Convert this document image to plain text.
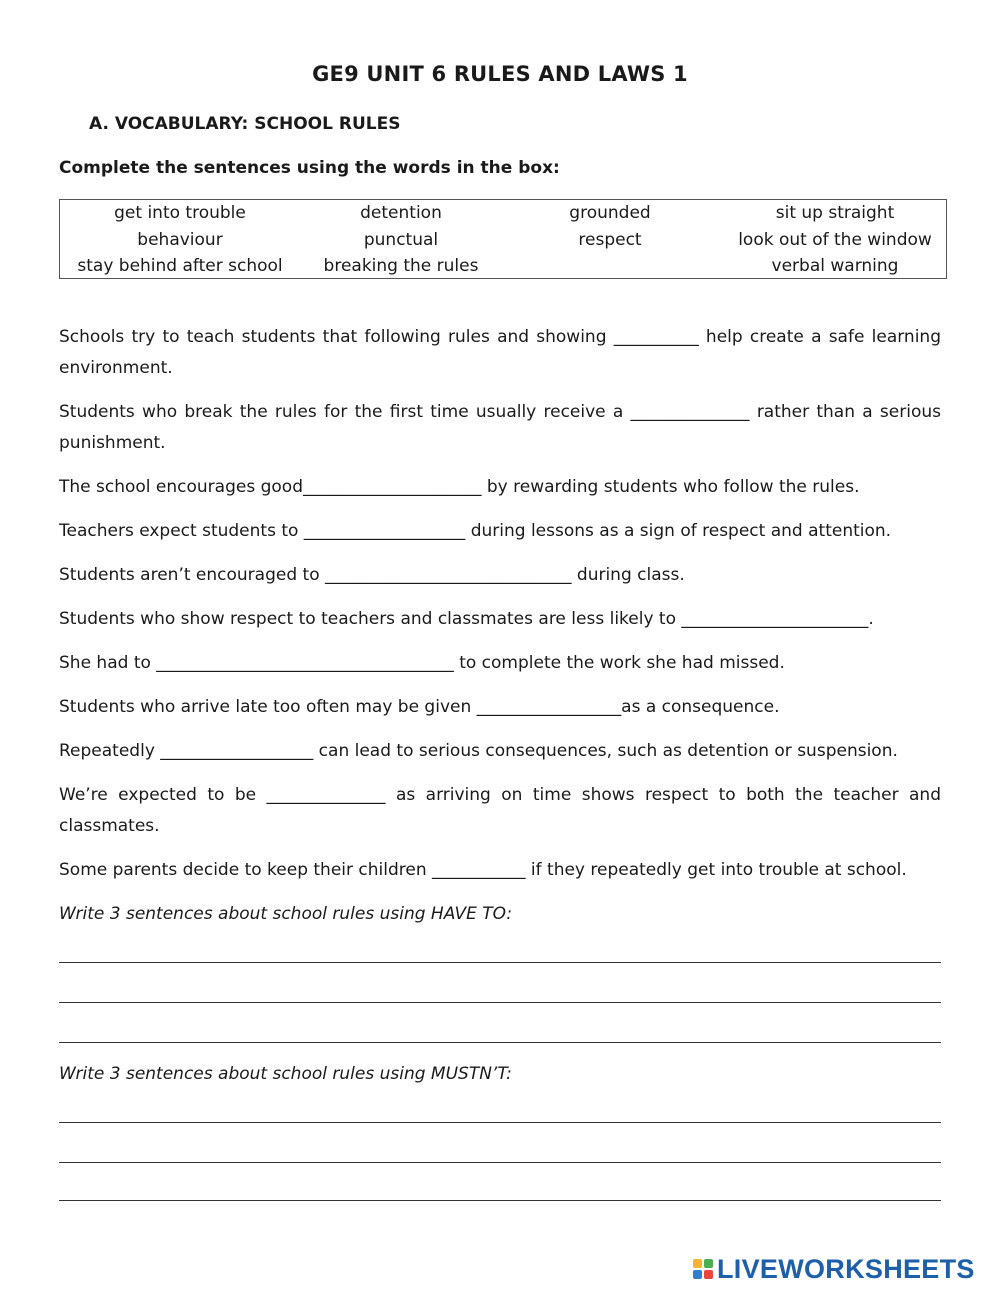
GE9 UNIT 6 RULES AND LAWS 1
A. VOCABULARY: SCHOOL RULES
Complete the sentences using the words in the box:
get into trouble
behaviour
stay behind after school
detention
punctual
breaking the rules
grounded
respect
sit up straight
look out of the window
verbal warning
Schools try to teach students that following rules and showing __________ help create a safe learning environment.
Students who break the rules for the first time usually receive a ______________ rather than a serious punishment.
The school encourages good_____________________ by rewarding students who follow the rules.
Teachers expect students to ___________________ during lessons as a sign of respect and attention.
Students aren’t encouraged to _____________________________ during class.
Students who show respect to teachers and classmates are less likely to ______________________.
She had to ___________________________________ to complete the work she had missed.
Students who arrive late too often may be given _________________as a consequence.
Repeatedly __________________ can lead to serious consequences, such as detention or suspension.
We’re expected to be ______________ as arriving on time shows respect to both the teacher and classmates.
Some parents decide to keep their children ___________ if they repeatedly get into trouble at school.
Write 3 sentences about school rules using HAVE TO:
Write 3 sentences about school rules using MUSTN’T:
LIVEWORKSHEETS
